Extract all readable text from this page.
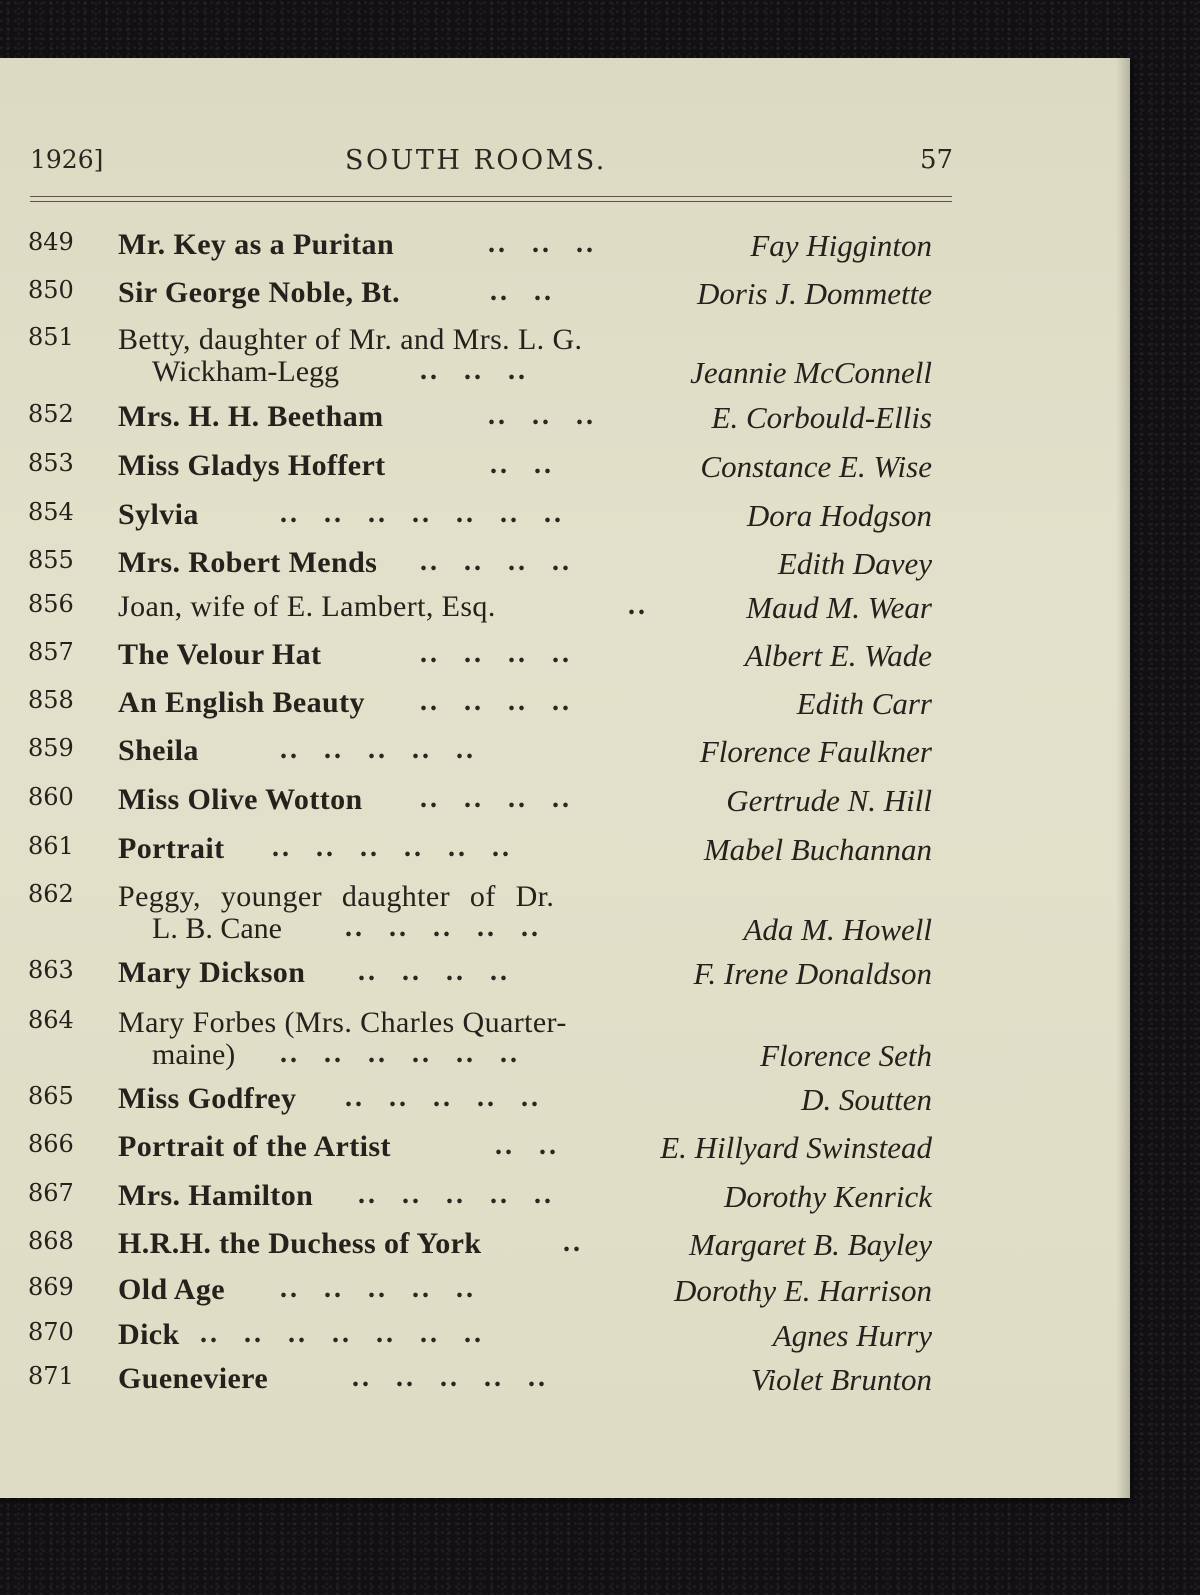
1926]	SOUTH ROOMS.	57
849 Mr. Key as a Puritan	.. .. ..	Fay Higginton
850 Sir George Noble, Bt.	.. ..	Doris J. Dommette
851 Betty, daughter of Mr. and Mrs. L. G.
Wickham-Legg	.. .. ..	Jeannie McConnell
852 Mrs. H. H. Beetham	.. .. ..	E. Corbould-Ellis
853 Miss Gladys Hoffert	.. ..	Constance E. Wise
854 Sylvia	.. .. .. .. .. .. ..	Dora Hodgson
855 Mrs. Robert Mends .. .. .. ..	Edith Davey
856 Joan, wife of E. Lambert, Esq.	..	Maud M. Wear
857 The Velour Hat	.. .. .. ..	Albert E. Wade
858 An English Beauty .. .. .. ..	Edith Carr
859 Sheila	.. .. .. .. ..	Florence Faulkner
860 Miss Olive Wotton .. .. .. ..	Gertrude N. Hill
861 Portrait .. .. .. .. .. ..	Mabel Buchannan
862 Peggy, younger daughter of Dr.
L. B. Cane .. .. .. .. ..	Ada M. Howell
863 Mary Dickson .. .. .. ..	F. Irene Donaldson
864 Mary Forbes (Mrs. Charles Quarter-
maine) .. .. .. .. .. ..	Florence Seth
865 Miss Godfrey .. .. .. .. ..	D. Soutten
866 Portrait of the Artist	.. ..	E. Hillyard Swinstead
867 Mrs. Hamilton .. .. .. .. ..	Dorothy Kenrick
868 H.R.H. the Duchess of York	..	Margaret B. Bayley
869 Old Age .. .. .. .. ..	Dorothy E. Harrison
870 Dick .. .. .. .. .. .. ..	Agnes Hurry
871 Gueneviere	.. .. .. .. ..	Violet Brunton
